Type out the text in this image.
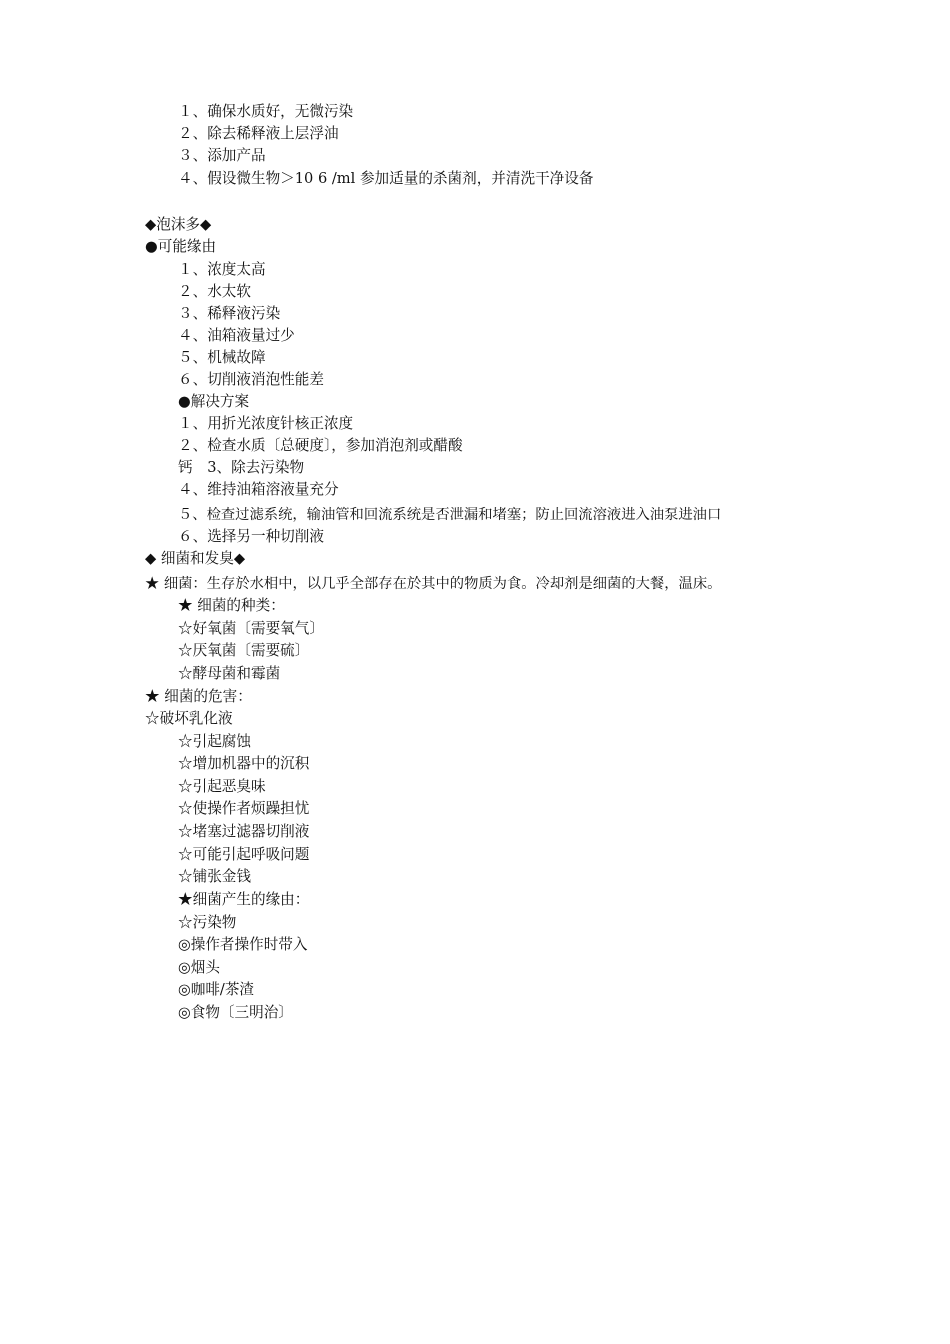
１、确保水质好，无微污染
２、除去稀释液上层浮油
３、添加产品
４、假设微生物＞10 6 /ml 参加适量的杀菌剂，并清洗干净设备
◆泡沫多◆
●可能缘由
１、浓度太高
２、水太软
３、稀释液污染
４、油箱液量过少
５、机械故障
６、切削液消泡性能差
●解决方案
１、用折光浓度针核正浓度
２、检查水质〔总硬度〕，参加消泡剂或醋酸
钙　3、除去污染物
４、维持油箱溶液量充分
５、检查过滤系统，输油管和回流系统是否泄漏和堵塞；防止回流溶液进入油泵进油口
６、选择另一种切削液
◆ 细菌和发臭◆
★ 细菌：生存於水相中，以几乎全部存在於其中的物质为食。冷却剂是细菌的大餐，温床。
★ 细菌的种类：
☆好氧菌〔需要氧气〕
☆厌氧菌〔需要硫〕
☆酵母菌和霉菌
★ 细菌的危害：
☆破坏乳化液
☆引起腐蚀
☆增加机器中的沉积
☆引起恶臭味
☆使操作者烦躁担忧
☆堵塞过滤器切削液
☆可能引起呼吸问题
☆铺张金钱
★细菌产生的缘由：
☆污染物
◎操作者操作时带入
◎烟头
◎咖啡/茶渣
◎食物〔三明治〕
